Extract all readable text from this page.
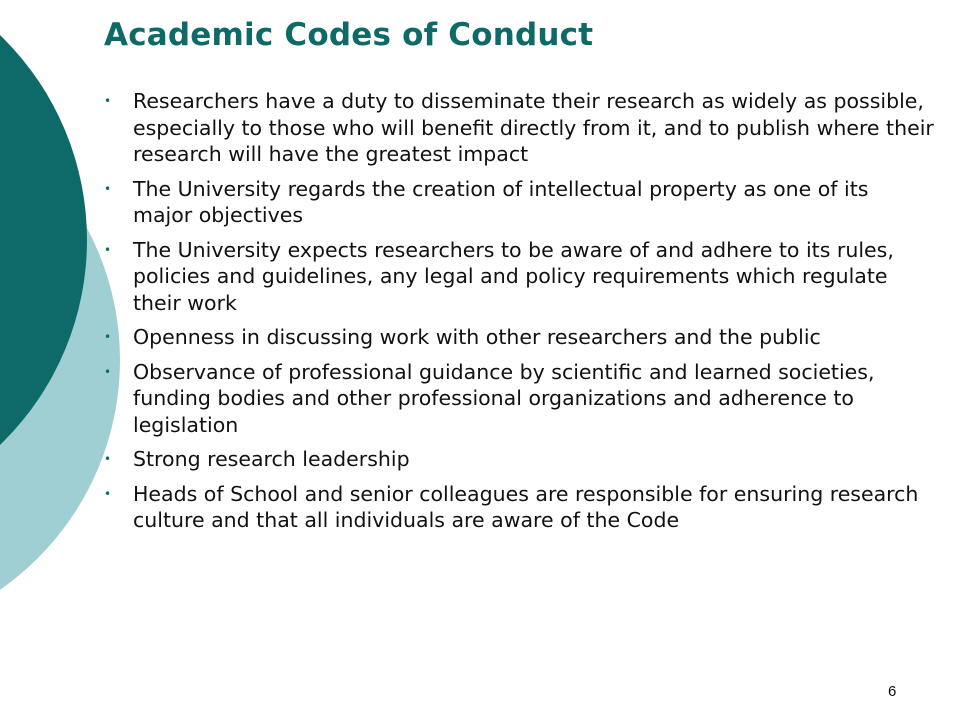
Academic Codes of Conduct
• Researchers have a duty to disseminate their research as widely as possible, especially to those who will benefit directly from it, and to publish where their research will have the greatest impact
• The University regards the creation of intellectual property as one of its major objectives
• The University expects researchers to be aware of and adhere to its rules, policies and guidelines, any legal and policy requirements which regulate their work
• Openness in discussing work with other researchers and the public
• Observance of professional guidance by scientific and learned societies, funding bodies and other professional organizations and adherence to legislation
• Strong research leadership
• Heads of School and senior colleagues are responsible for ensuring research culture and that all individuals are aware of the Code
6
